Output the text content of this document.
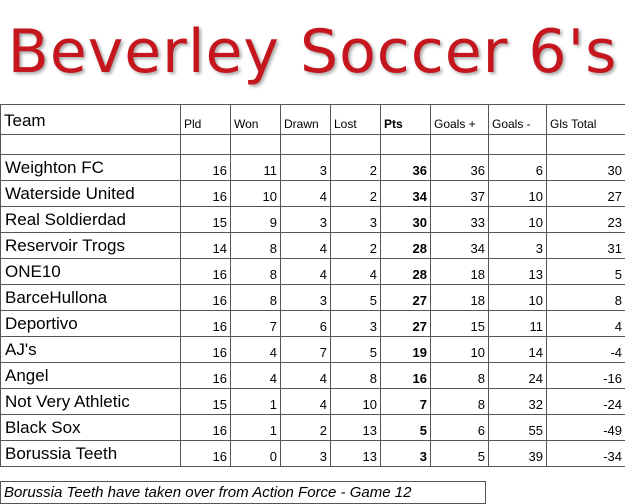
Beverley Soccer 6's
Team	Pld	Won	Drawn	Lost	Pts	Goals +	Goals -	Gls Total

Weighton FC	16	11	3	2	36	36	6	30
Waterside United	16	10	4	2	34	37	10	27
Real Soldierdad	15	9	3	3	30	33	10	23
Reservoir Trogs	14	8	4	2	28	34	3	31
ONE10	16	8	4	4	28	18	13	5
BarceHullona	16	8	3	5	27	18	10	8
Deportivo	16	7	6	3	27	15	11	4
AJ's	16	4	7	5	19	10	14	-4
Angel	16	4	4	8	16	8	24	-16
Not Very Athletic	15	1	4	10	7	8	32	-24
Black Sox	16	1	2	13	5	6	55	-49
Borussia Teeth	16	0	3	13	3	5	39	-34
Borussia Teeth have taken over from Action Force - Game 12
